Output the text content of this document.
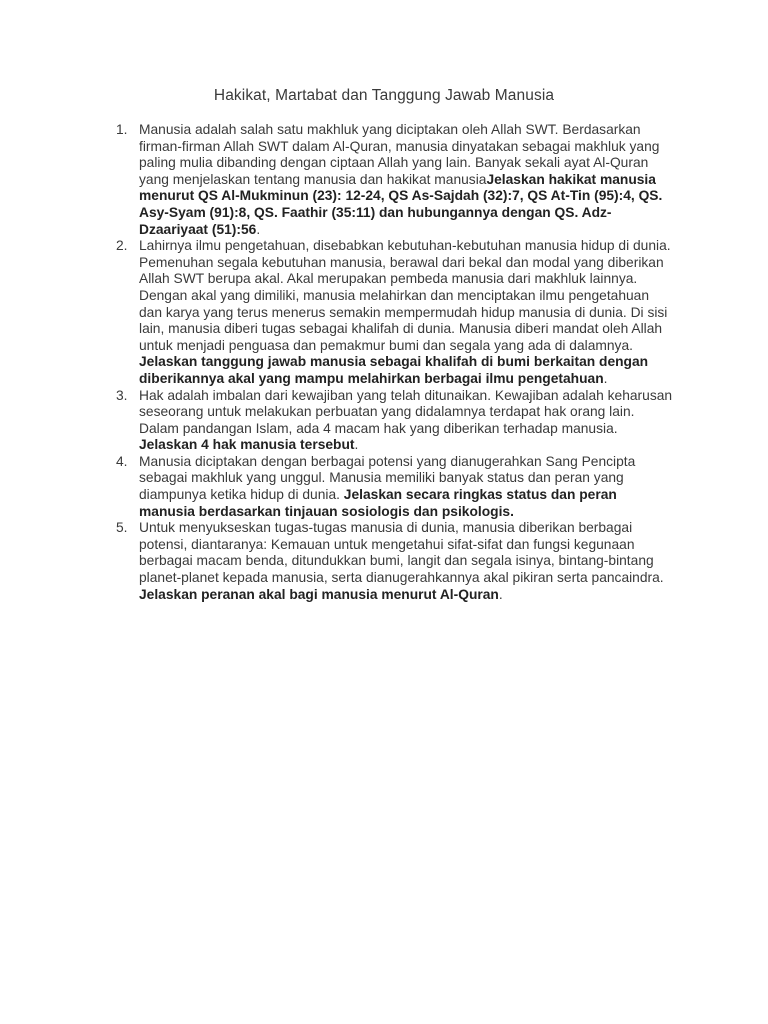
Hakikat, Martabat dan Tanggung Jawab Manusia
1. Manusia adalah salah satu makhluk yang diciptakan oleh Allah SWT. Berdasarkan firman-firman Allah SWT dalam Al-Quran, manusia dinyatakan sebagai makhluk yang paling mulia dibanding dengan ciptaan Allah yang lain. Banyak sekali ayat Al-Quran yang menjelaskan tentang manusia dan hakikat manusiaJelaskan hakikat manusia menurut QS Al-Mukminun (23): 12-24, QS As-Sajdah (32):7, QS At-Tin (95):4, QS. Asy-Syam (91):8, QS. Faathir (35:11) dan hubungannya dengan QS. Adz-Dzaariyaat (51):56.
2. Lahirnya ilmu pengetahuan, disebabkan kebutuhan-kebutuhan manusia hidup di dunia. Pemenuhan segala kebutuhan manusia, berawal dari bekal dan modal yang diberikan Allah SWT berupa akal. Akal merupakan pembeda manusia dari makhluk lainnya. Dengan akal yang dimiliki, manusia melahirkan dan menciptakan ilmu pengetahuan dan karya yang terus menerus semakin mempermudah hidup manusia di dunia. Di sisi lain, manusia diberi tugas sebagai khalifah di dunia. Manusia diberi mandat oleh Allah untuk menjadi penguasa dan pemakmur bumi dan segala yang ada di dalamnya. Jelaskan tanggung jawab manusia sebagai khalifah di bumi berkaitan dengan diberikannya akal yang mampu melahirkan berbagai ilmu pengetahuan.
3. Hak adalah imbalan dari kewajiban yang telah ditunaikan. Kewajiban adalah keharusan seseorang untuk melakukan perbuatan yang didalamnya terdapat hak orang lain. Dalam pandangan Islam, ada 4 macam hak yang diberikan terhadap manusia. Jelaskan 4 hak manusia tersebut.
4. Manusia diciptakan dengan berbagai potensi yang dianugerahkan Sang Pencipta sebagai makhluk yang unggul. Manusia memiliki banyak status dan peran yang diampunya ketika hidup di dunia. Jelaskan secara ringkas status dan peran manusia berdasarkan tinjauan sosiologis dan psikologis.
5. Untuk menyukseskan tugas-tugas manusia di dunia, manusia diberikan berbagai potensi, diantaranya: Kemauan untuk mengetahui sifat-sifat dan fungsi kegunaan berbagai macam benda, ditundukkan bumi, langit dan segala isinya, bintang-bintang planet-planet kepada manusia, serta dianugerahkannya akal pikiran serta pancaindra. Jelaskan peranan akal bagi manusia menurut Al-Quran.
